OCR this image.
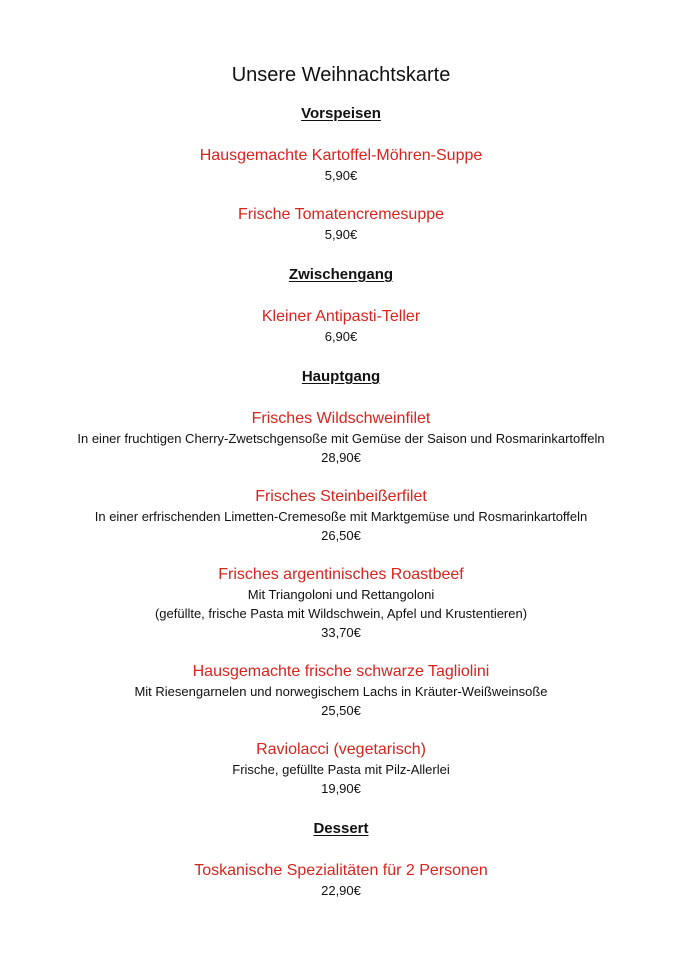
Unsere Weihnachtskarte
Vorspeisen
Hausgemachte Kartoffel-Möhren-Suppe
5,90€
Frische Tomatencremesuppe
5,90€
Zwischengang
Kleiner Antipasti-Teller
6,90€
Hauptgang
Frisches Wildschweinfilet
In einer fruchtigen Cherry-Zwetschgensoße mit Gemüse der Saison und Rosmarinkartoffeln
28,90€
Frisches Steinbeißerfilet
In einer erfrischenden Limetten-Cremesoße mit Marktgemüse und Rosmarinkartoffeln
26,50€
Frisches argentinisches Roastbeef
Mit Triangoloni und Rettangoloni
(gefüllte, frische Pasta mit Wildschwein, Apfel und Krustentieren)
33,70€
Hausgemachte frische schwarze Tagliolini
Mit Riesengarnelen und norwegischem Lachs in Kräuter-Weißweinsoße
25,50€
Raviolacci (vegetarisch)
Frische, gefüllte Pasta mit Pilz-Allerlei
19,90€
Dessert
Toskanische Spezialitäten für 2 Personen
22,90€
